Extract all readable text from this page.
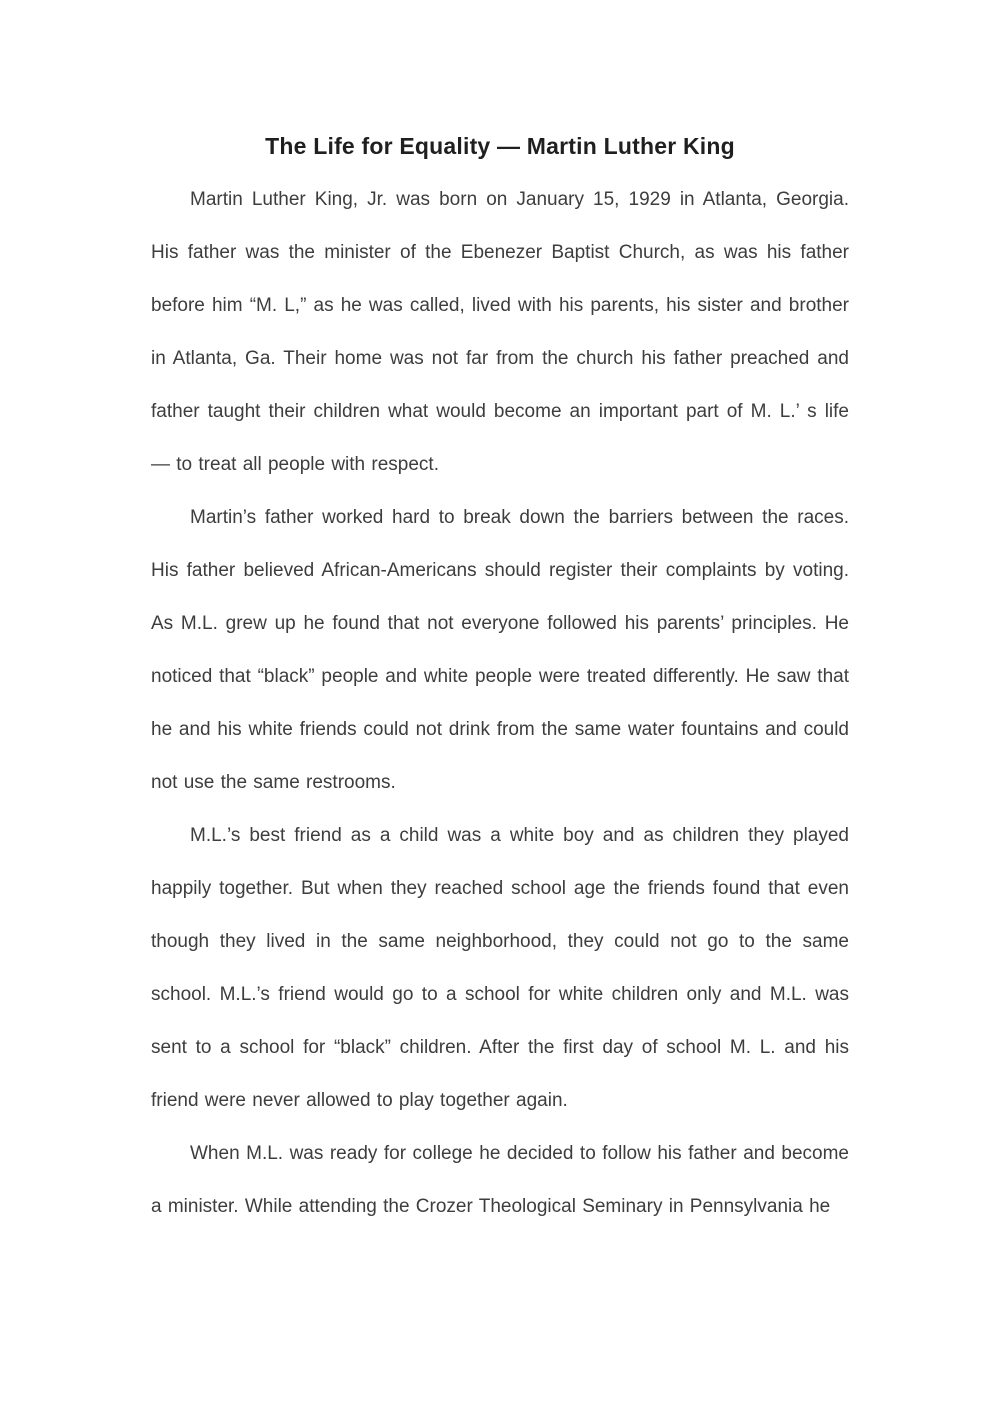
The Life for Equality — Martin Luther King

Martin Luther King, Jr. was born on January 15, 1929 in Atlanta, Georgia. His father was the minister of the Ebenezer Baptist Church, as was his father before him “M. L,” as he was called, lived with his parents, his sister and brother in Atlanta, Ga. Their home was not far from the church his father preached and father taught their children what would become an important part of M. L.’ s life — to treat all people with respect.

Martin’s father worked hard to break down the barriers between the races. His father believed African-Americans should register their complaints by voting. As M.L. grew up he found that not everyone followed his parents’ principles. He noticed that “black” people and white people were treated differently. He saw that he and his white friends could not drink from the same water fountains and could not use the same restrooms.

M.L.’s best friend as a child was a white boy and as children they played happily together. But when they reached school age the friends found that even though they lived in the same neighborhood, they could not go to the same school. M.L.’s friend would go to a school for white children only and M.L. was sent to a school for “black” children. After the first day of school M. L. and his friend were never allowed to play together again.

When M.L. was ready for college he decided to follow his father and become a minister. While attending the Crozer Theological Seminary in Pennsylvania he
